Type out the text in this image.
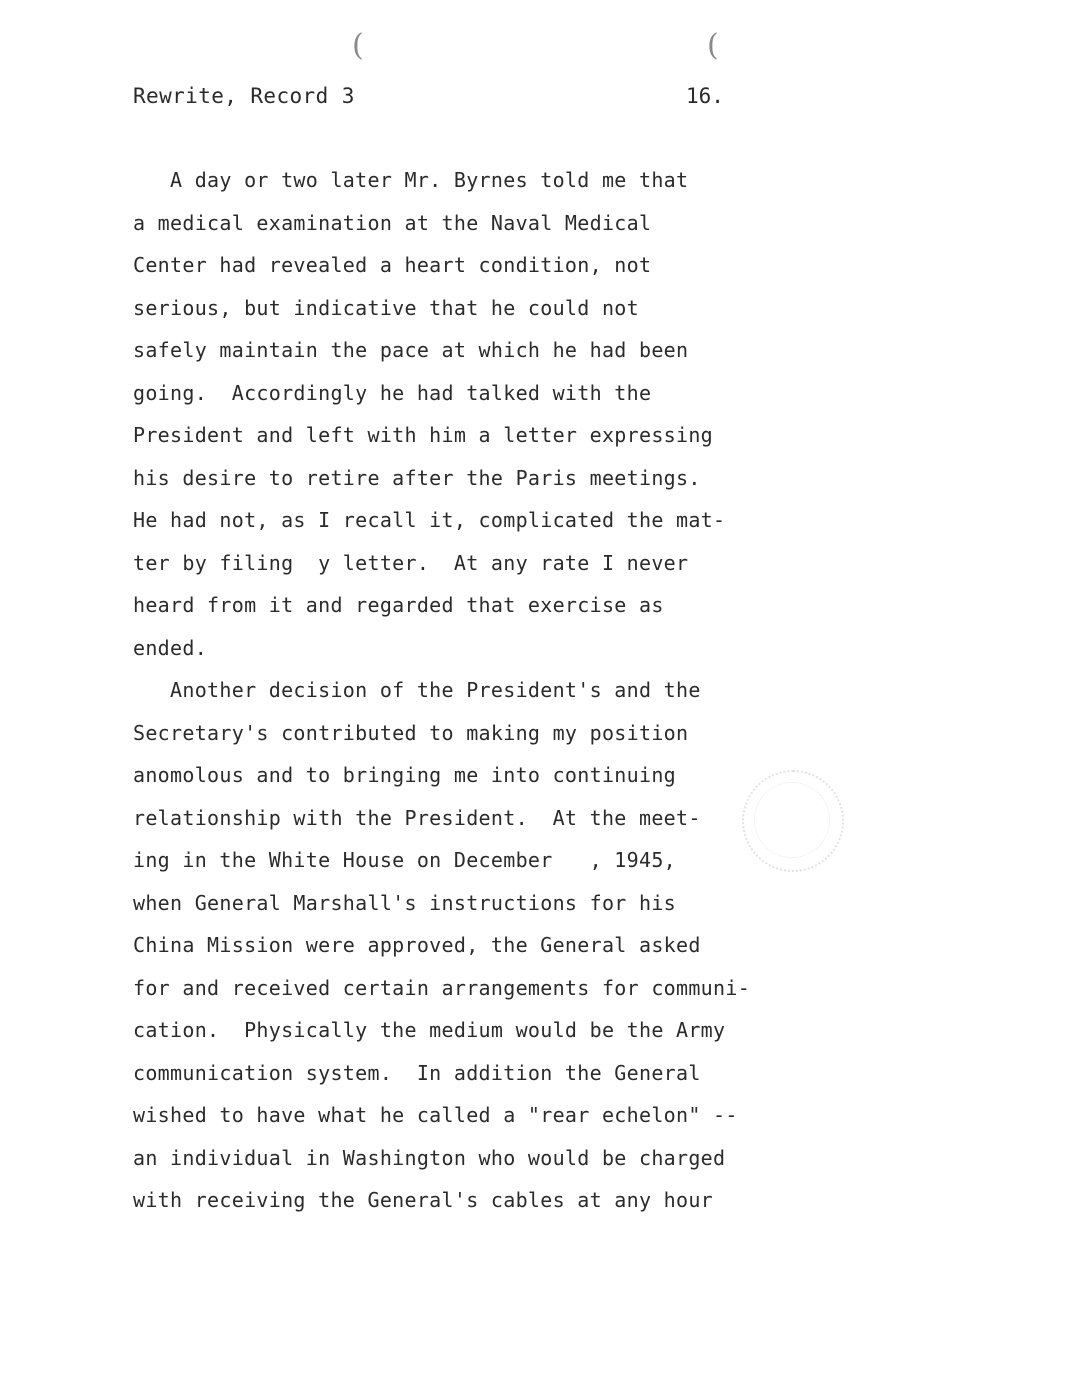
(	(
Rewrite, Record 3	16.
A day or two later Mr. Byrnes told me that
a medical examination at the Naval Medical
Center had revealed a heart condition, not
serious, but indicative that he could not
safely maintain the pace at which he had been
going.  Accordingly he had talked with the
President and left with him a letter expressing
his desire to retire after the Paris meetings.
He had not, as I recall it, complicated the mat-
ter by filing  y letter.  At any rate I never
heard from it and regarded that exercise as
ended.
Another decision of the President's and the
Secretary's contributed to making my position
anomolous and to bringing me into continuing
relationship with the President.  At the meet-
ing in the White House on December   , 1945,
when General Marshall's instructions for his
China Mission were approved, the General asked
for and received certain arrangements for communi-
cation.  Physically the medium would be the Army
communication system.  In addition the General
wished to have what he called a "rear echelon" --
an individual in Washington who would be charged
with receiving the General's cables at any hour
